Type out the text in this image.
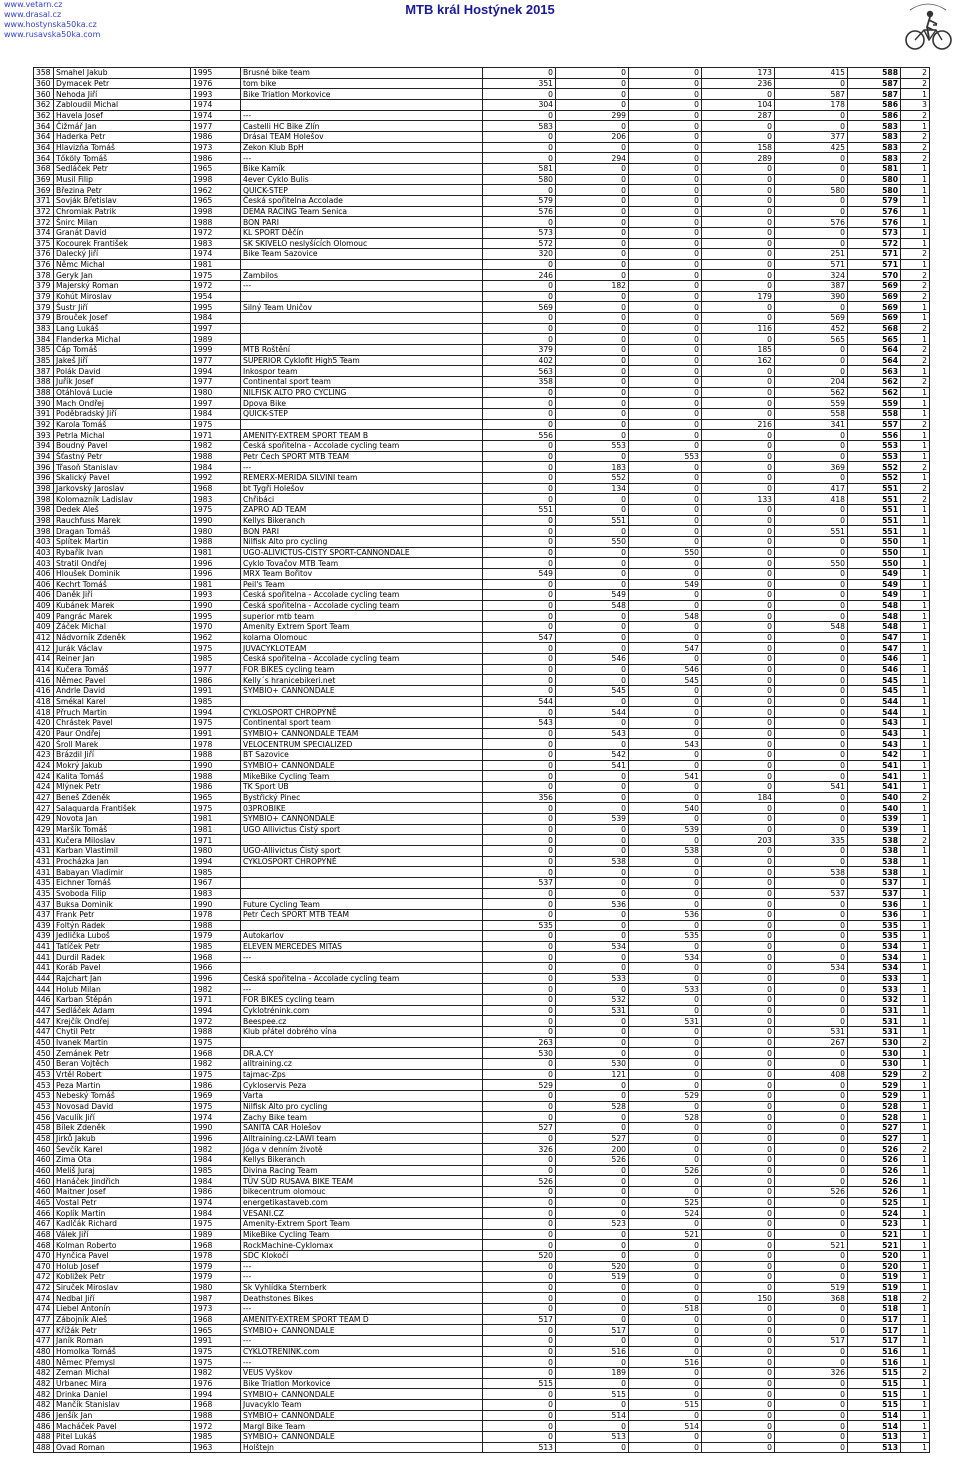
www.vetarn.cz
www.drasal.cz
www.hostynska50ka.cz
www.rusavska50ka.com
MTB král Hostýnek 2015
358	Smahel Jakub	1995	Brusné bike team	0	0	0	173	415	588	2
360	Dymacek Petr	1976	tom bike	351	0	0	236	0	587	2
360	Nehoda Jiří	1993	Bike Triatlon Morkovice	0	0	0	0	587	587	1
362	Zabloudil Michal	1974		304	0	0	104	178	586	3
362	Havela Josef	1974	---	0	299	0	287	0	586	2
364	Čižmář Jan	1977	Castelli HC Bike Zlín	583	0	0	0	0	583	1
364	Haderka Petr	1986	Drásal TEAM Holešov	0	206	0	0	377	583	2
364	Hlavizňa Tomáš	1973	Zekon Klub BpH	0	0	0	158	425	583	2
364	Tőköly Tomáš	1986	---	0	294	0	289	0	583	2
368	Sedláček Petr	1965	Bike Kamík	581	0	0	0	0	581	1
369	Musil Filip	1998	4ever Cyklo Bulis	580	0	0	0	0	580	1
369	Březina Petr	1962	QUICK-STEP	0	0	0	0	580	580	1
371	Sovják Břetislav	1965	Česká spořitelna Accolade	579	0	0	0	0	579	1
372	Chromiak Patrik	1998	DEMA RACING Team Senica	576	0	0	0	0	576	1
372	Šnirc Milan	1988	BON PARI	0	0	0	0	576	576	1
374	Granát David	1972	KL SPORT Děčín	573	0	0	0	0	573	1
375	Kocourek František	1983	SK SKIVELO neslyšících Olomouc	572	0	0	0	0	572	1
376	Dalecký Jiří	1974	Bike Team Sazovice	320	0	0	0	251	571	2
376	Němc Michal	1981		0	0	0	0	571	571	1
378	Geryk Jan	1975	Zambilos	246	0	0	0	324	570	2
379	Majerský Roman	1972	---	0	182	0	0	387	569	2
379	Kohút Miroslav	1954		0	0	0	179	390	569	2
379	Šustr Jiří	1995	Silný Team Uničov	569	0	0	0	0	569	1
379	Brouček Josef	1984		0	0	0	0	569	569	1
383	Lang Lukáš	1997		0	0	0	116	452	568	2
384	Flanderka Michal	1989		0	0	0	0	565	565	1
385	Čáp Tomáš	1999	MTB Roštění	379	0	0	185	0	564	2
385	Jakeš Jiří	1977	SUPERIOR Cyklofit High5 Team	402	0	0	162	0	564	2
387	Polák David	1994	Inkospor team	563	0	0	0	0	563	1
388	Juřík Josef	1977	Continental sport team	358	0	0	0	204	562	2
388	Otáhlová Lucie	1980	NILFISK ALTO PRO CYCLING	0	0	0	0	562	562	1
390	Mach Ondřej	1997	Dpova Bike	0	0	0	0	559	559	1
391	Poděbradský Jiří	1984	QUICK-STEP	0	0	0	0	558	558	1
392	Karola Tomáš	1975		0	0	0	216	341	557	2
393	Petrla Michal	1971	AMENITY-EXTREM SPORT TEAM B	556	0	0	0	0	556	1
394	Boudný Pavel	1982	Česká spořitelna - Accolade cycling team	0	553	0	0	0	553	1
394	Šťastný Petr	1988	Petr Čech SPORT MTB TEAM	0	0	553	0	0	553	1
396	Třasoň Stanislav	1984	---	0	183	0	0	369	552	2
396	Skalický Pavel	1992	REMERX-MERIDA SILVINI team	0	552	0	0	0	552	1
398	Jarkovský Jaroslav	1968	bt Tygři Holešov	0	134	0	0	417	551	2
398	Kolomazník Ladislav	1983	Chřibáci	0	0	0	133	418	551	2
398	Dedek Aleš	1975	ZAPRO AD TEAM	551	0	0	0	0	551	1
398	Rauchfuss Marek	1990	Kellys Bikeranch	0	551	0	0	0	551	1
398	Dragan Tomáš	1980	BON PARI	0	0	0	0	551	551	1
403	Splítek Martin	1988	Nilfisk Alto pro cycling	0	550	0	0	0	550	1
403	Rybařík Ivan	1981	UGO-ALIVICTUS-ČISTÝ SPORT-CANNONDALE	0	0	550	0	0	550	1
403	Stratil Ondřej	1996	Cyklo Tovačov MTB Team	0	0	0	0	550	550	1
406	Hloušek Dominik	1996	MRX Team Bořitov	549	0	0	0	0	549	1
406	Kechrt Tomáš	1981	Peil's Team	0	0	549	0	0	549	1
406	Daněk Jiří	1993	Česká spořitelna - Accolade cycling team	0	549	0	0	0	549	1
409	Kubánek Marek	1990	Česká spořitelna - Accolade cycling team	0	548	0	0	0	548	1
409	Pangrác Marek	1995	superior mtb team	0	0	548	0	0	548	1
409	Žáček Michal	1970	Amenity Extrem Sport Team	0	0	0	0	548	548	1
412	Nádvorník Zdeněk	1962	kolarna Olomouc	547	0	0	0	0	547	1
412	Jurák Václav	1975	JUVACYKLOTEAM	0	0	547	0	0	547	1
414	Reiner Jan	1985	Česká spořitelna - Accolade cycling team	0	546	0	0	0	546	1
414	Kučera Tomáš	1977	FOR BIKES cycling team	0	0	546	0	0	546	1
416	Němec Pavel	1986	Kelly´s hranicebikeri.net	0	0	545	0	0	545	1
416	Andrle David	1991	SYMBIO+ CANNONDALE	0	545	0	0	0	545	1
418	Smékal Karel	1985		544	0	0	0	0	544	1
418	Přruch Martin	1994	CYKLOSPORT CHROPYNĚ	0	544	0	0	0	544	1
420	Chrástek Pavel	1975	Continental sport team	543	0	0	0	0	543	1
420	Paur Ondřej	1991	SYMBIO+ CANNONDALE TEAM	0	543	0	0	0	543	1
420	Šroll Marek	1978	VELOCENTRUM SPECIALIZED	0	0	543	0	0	543	1
423	Brázdil Jiří	1988	BT Sazovice	0	542	0	0	0	542	1
424	Mokrý Jakub	1990	SYMBIO+ CANNONDALE	0	541	0	0	0	541	1
424	Kalita Tomáš	1988	MikeBike Cycling Team	0	0	541	0	0	541	1
424	Mlýnek Petr	1986	TK Sport UB	0	0	0	0	541	541	1
427	Beneš Zdeněk	1965	Bystřický Pinec	356	0	0	184	0	540	2
427	Salaquarda František	1975	03PROBIKE	0	0	540	0	0	540	1
429	Novota Jan	1981	SYMBIO+ CANNONDALE	0	539	0	0	0	539	1
429	Maršík Tomáš	1981	UGO Allivictus Čistý sport	0	0	539	0	0	539	1
431	Kučera Miloslav	1971		0	0	0	203	335	538	2
431	Karban Vlastimil	1980	UGO-Allivictus Čistý sport	0	0	538	0	0	538	1
431	Procházka Jan	1994	CYKLOSPORT CHROPYNĚ	0	538	0	0	0	538	1
431	Babayan Vladimir	1985		0	0	0	0	538	538	1
435	Eichner Tomáš	1967		537	0	0	0	0	537	1
435	Svoboda Filip	1983		0	0	0	0	537	537	1
437	Buksa Dominik	1990	Future Cycling Team	0	536	0	0	0	536	1
437	Frank Petr	1978	Petr Čech SPORT MTB TEAM	0	0	536	0	0	536	1
439	Foltýn Radek	1988		535	0	0	0	0	535	1
439	Jedlička Luboš	1979	Autokarlov	0	0	535	0	0	535	1
441	Tatíček Petr	1985	ELEVEN MERCEDES MITAS	0	534	0	0	0	534	1
441	Durdil Radek	1968	---	0	0	534	0	0	534	1
441	Koráb Pavel	1966		0	0	0	0	534	534	1
444	Rajchart Jan	1996	Česká spořitelna - Accolade cycling team	0	533	0	0	0	533	1
444	Holub Milan	1982	---	0	0	533	0	0	533	1
446	Karban Štěpán	1971	FOR BIKES cycling team	0	532	0	0	0	532	1
447	Sedláček Adam	1994	Cyklotrénink.com	0	531	0	0	0	531	1
447	Krejčík Ondřej	1972	Beespee.cz	0	0	531	0	0	531	1
447	Chytil Petr	1988	Klub přátel dobrého vína	0	0	0	0	531	531	1
450	Ivanek Martin	1975		263	0	0	0	267	530	2
450	Zemánek Petr	1968	DR.A.CY	530	0	0	0	0	530	1
450	Beran Vojtěch	1982	alltraining.cz	0	530	0	0	0	530	1
453	Vrtěl Robert	1975	tajmac-Zps	0	121	0	0	408	529	2
453	Peza Martin	1986	Cykloservis Peza	529	0	0	0	0	529	1
453	Nebeský Tomáš	1969	Varta	0	0	529	0	0	529	1
453	Novosad David	1975	Nilfisk Alto pro cycling	0	528	0	0	0	528	1
456	Vaculík Jiří	1974	Zachy Bike team	0	0	528	0	0	528	1
458	Bílek Zdeněk	1990	SANITA CAR Holešov	527	0	0	0	0	527	1
458	Jirků Jakub	1996	Alltraining.cz-LAWI team	0	527	0	0	0	527	1
460	Ševčík Karel	1982	Jóga v denním životě	326	200	0	0	0	526	2
460	Zima Ota	1984	Kellys Bikeranch	0	526	0	0	0	526	1
460	Meliš Juraj	1985	Divina Racing Team	0	0	526	0	0	526	1
460	Hanáček Jindřich	1984	TÜV SÜD RUSAVA BIKE TEAM	526	0	0	0	0	526	1
460	Maitner Josef	1986	bikecentrum olomouc	0	0	0	0	526	526	1
465	Vostal Petr	1974	energetikastaveb.com	0	0	525	0	0	525	1
466	Koplík Martin	1984	VESANI.CZ	0	0	524	0	0	524	1
467	Kadlčák Richard	1975	Amenity-Extrem Sport Team	0	523	0	0	0	523	1
468	Válek Jiří	1989	MikeBike Cycling Team	0	0	521	0	0	521	1
468	Kolman Roberto	1968	RockMachine-Cyklomax	0	0	0	0	521	521	1
470	Hynčica Pavel	1978	SDC Klokočí	520	0	0	0	0	520	1
470	Holub Josef	1979	---	0	520	0	0	0	520	1
472	Kobližek Petr	1979	---	0	519	0	0	0	519	1
472	Siruček Miroslav	1980	Sk Vyhlídka Šternberk	0	0	0	0	519	519	1
474	Nedbal Jiří	1987	Deathstones Bikes	0	0	0	150	368	518	2
474	Liebel Antonín	1973	---	0	0	518	0	0	518	1
477	Zábojník Aleš	1968	AMENITY-EXTREM SPORT TEAM D	517	0	0	0	0	517	1
477	Křížák Petr	1965	SYMBIO+ CANNONDALE	0	517	0	0	0	517	1
477	Janík Roman	1991	---	0	0	0	0	517	517	1
480	Homolka Tomáš	1975	CYKLOTRENINK.com	0	516	0	0	0	516	1
480	Němec Přemysl	1975	---	0	0	516	0	0	516	1
482	Zeman Michal	1982	VEUS Vyškov	0	189	0	0	326	515	2
482	Urbanec Mira	1976	Bike Triatlon Morkovice	515	0	0	0	0	515	1
482	Drinka Daniel	1994	SYMBIO+ CANNONDALE	0	515	0	0	0	515	1
482	Mančík Stanislav	1968	Juvacyklo Team	0	0	515	0	0	515	1
486	Jenšík Jan	1988	SYMBIO+ CANNONDALE	0	514	0	0	0	514	1
486	Macháček Pavel	1972	Margl Bike Team	0	0	514	0	0	514	1
488	Pitel Lukáš	1985	SYMBIO+ CANNONDALE	0	513	0	0	0	513	1
488	Ovad Roman	1963	Holštejn	513	0	0	0	0	513	1
